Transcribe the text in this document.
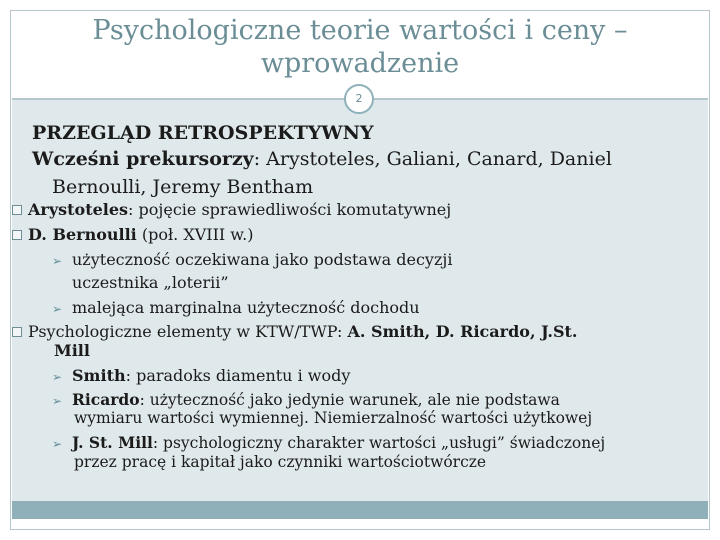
Psychologiczne teorie wartości i ceny – wprowadzenie
2
PRZEGLĄD RETROSPEKTYWNY
Wcześni prekursorzy: Arystoteles, Galiani, Canard, Daniel
Bernoulli, Jeremy Bentham
Arystoteles: pojęcie sprawiedliwości komutatywnej
D. Bernoulli (poł. XVIII w.)
➢ użyteczność oczekiwana jako podstawa decyzji
uczestnika „loterii”
➢ malejąca marginalna użyteczność dochodu
Psychologiczne elementy w KTW/TWP: A. Smith, D. Ricardo, J.St.
Mill
➢ Smith: paradoks diamentu i wody
➢ Ricardo: użyteczność jako jedynie warunek, ale nie podstawa
wymiaru wartości wymiennej. Niemierzalność wartości użytkowej
➢ J. St. Mill: psychologiczny charakter wartości „usługi” świadczonej
przez pracę i kapitał jako czynniki wartościotwórcze
